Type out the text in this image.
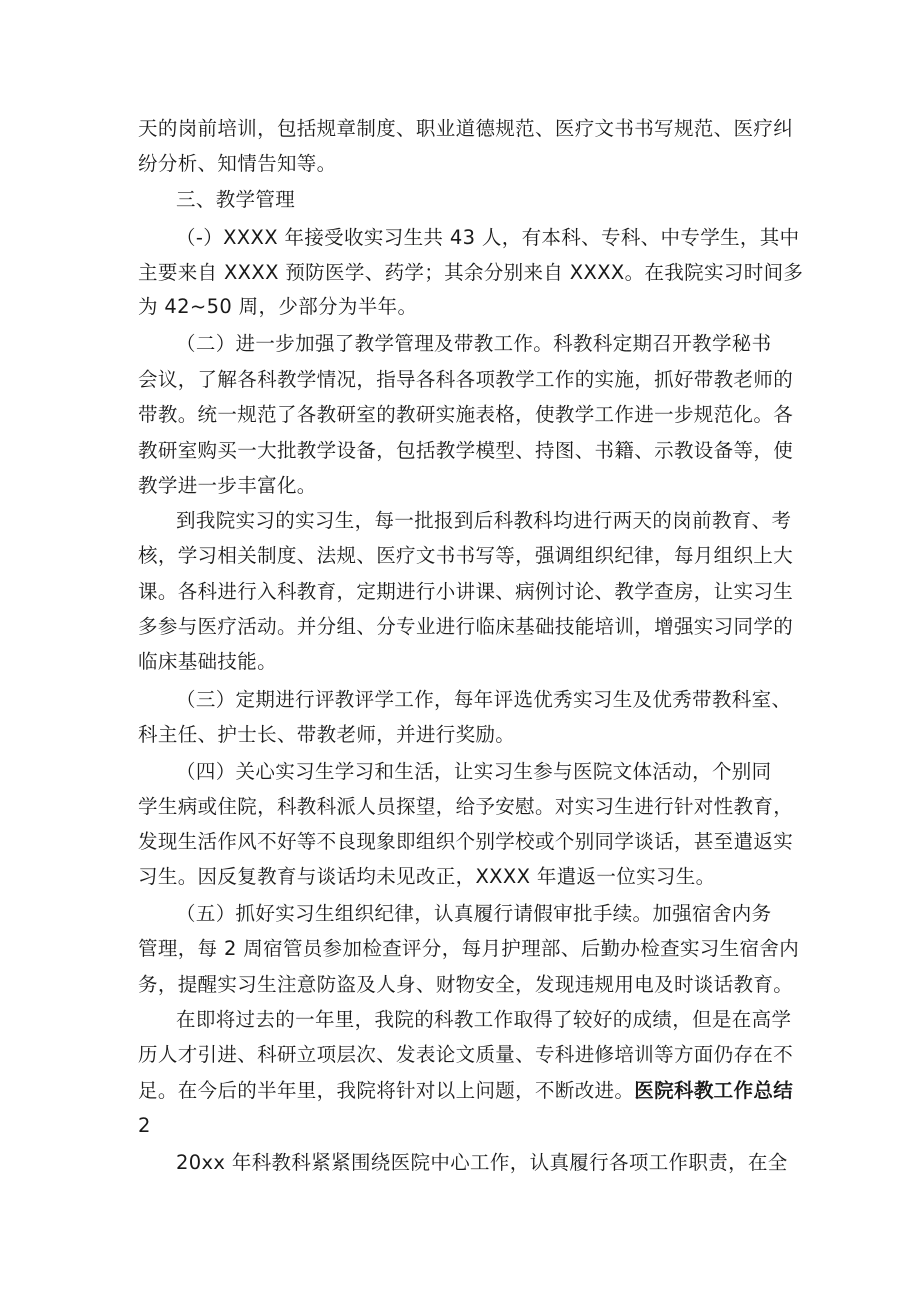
天的岗前培训，包括规章制度、职业道德规范、医疗文书书写规范、医疗纠
纷分析、知情告知等。
三、教学管理
（-）XXXX 年接受收实习生共 43 人，有本科、专科、中专学生，其中
主要来自 XXXX 预防医学、药学；其余分别来自 XXXX。在我院实习时间多
为 42~50 周，少部分为半年。
（二）进一步加强了教学管理及带教工作。科教科定期召开教学秘书
会议，了解各科教学情况，指导各科各项教学工作的实施，抓好带教老师的
带教。统一规范了各教研室的教研实施表格，使教学工作进一步规范化。各
教研室购买一大批教学设备，包括教学模型、持图、书籍、示教设备等，使
教学进一步丰富化。
到我院实习的实习生，每一批报到后科教科均进行两天的岗前教育、考
核，学习相关制度、法规、医疗文书书写等，强调组织纪律，每月组织上大
课。各科进行入科教育，定期进行小讲课、病例讨论、教学查房，让实习生
多参与医疗活动。并分组、分专业进行临床基础技能培训，增强实习同学的
临床基础技能。
（三）定期进行评教评学工作，每年评选优秀实习生及优秀带教科室、
科主任、护士长、带教老师，并进行奖励。
（四）关心实习生学习和生活，让实习生参与医院文体活动，个别同
学生病或住院，科教科派人员探望，给予安慰。对实习生进行针对性教育，
发现生活作风不好等不良现象即组织个别学校或个别同学谈话，甚至遣返实
习生。因反复教育与谈话均未见改正，XXXX 年遣返一位实习生。
（五）抓好实习生组织纪律，认真履行请假审批手续。加强宿舍内务
管理，每 2 周宿管员参加检查评分，每月护理部、后勤办检查实习生宿舍内
务，提醒实习生注意防盗及人身、财物安全，发现违规用电及时谈话教育。
在即将过去的一年里，我院的科教工作取得了较好的成绩，但是在高学
历人才引进、科研立项层次、发表论文质量、专科进修培训等方面仍存在不
足。在今后的半年里，我院将针对以上问题，不断改进。医院科教工作总结
2
20xx 年科教科紧紧围绕医院中心工作，认真履行各项工作职责，在全
